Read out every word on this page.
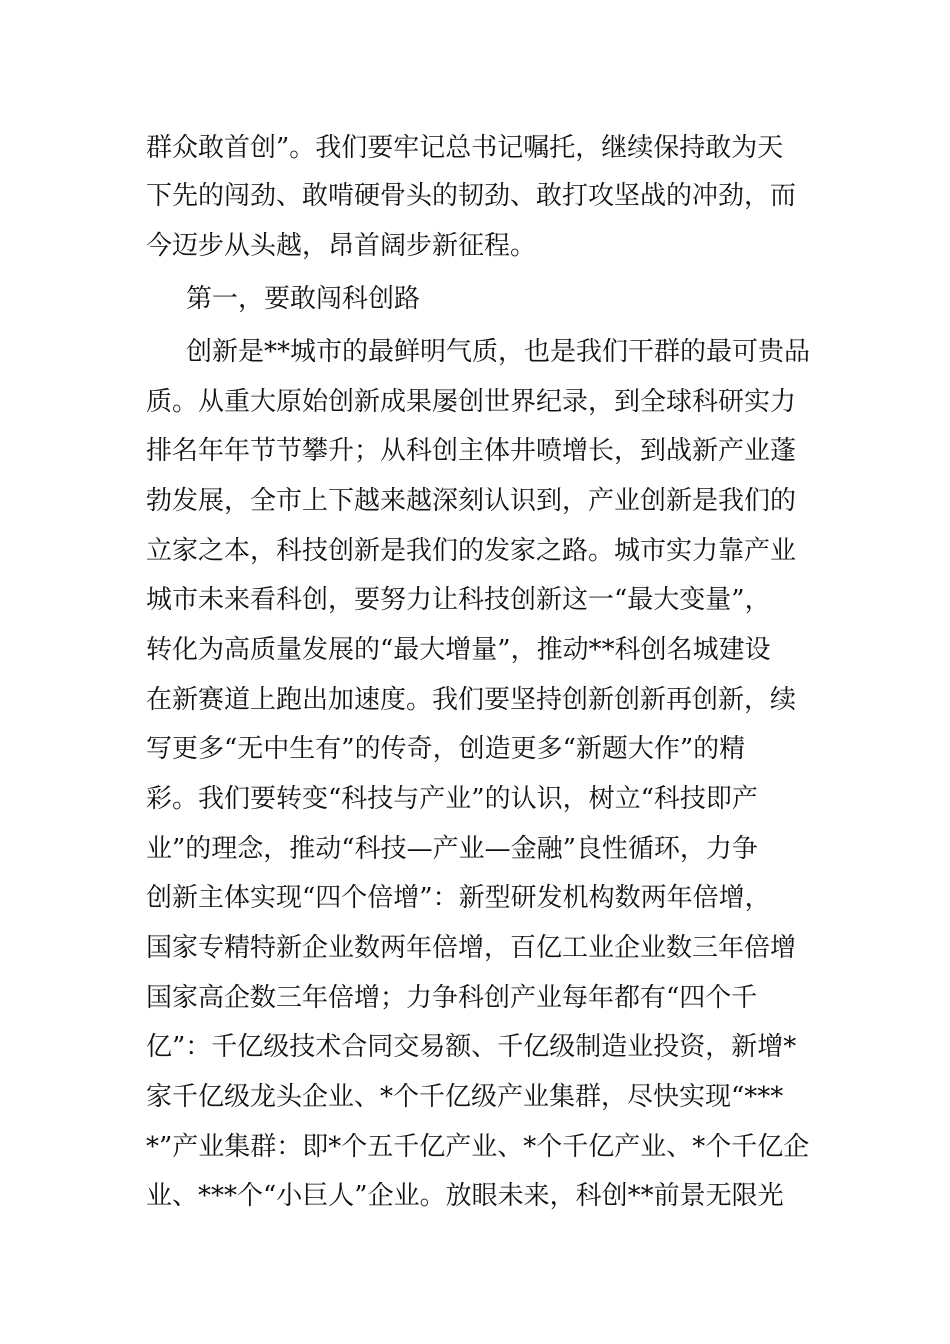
群众敢首创”。我们要牢记总书记嘱托，继续保持敢为天
下先的闯劲、敢啃硬骨头的韧劲、敢打攻坚战的冲劲，而
今迈步从头越，昂首阔步新征程。
第一，要敢闯科创路
创新是**城市的最鲜明气质，也是我们干群的最可贵品
质。从重大原始创新成果屡创世界纪录，到全球科研实力
排名年年节节攀升；从科创主体井喷增长，到战新产业蓬
勃发展，全市上下越来越深刻认识到，产业创新是我们的
立家之本，科技创新是我们的发家之路。城市实力靠产业
城市未来看科创，要努力让科技创新这一“最大变量”，
转化为高质量发展的“最大增量”，推动**科创名城建设
在新赛道上跑出加速度。我们要坚持创新创新再创新，续
写更多“无中生有”的传奇，创造更多“新题大作”的精
彩。我们要转变“科技与产业”的认识，树立“科技即产
业”的理念，推动“科技—产业—金融”良性循环，力争
创新主体实现“四个倍增”：新型研发机构数两年倍增，
国家专精特新企业数两年倍增，百亿工业企业数三年倍增
国家高企数三年倍增；力争科创产业每年都有“四个千
亿”：千亿级技术合同交易额、千亿级制造业投资，新增*
家千亿级龙头企业、*个千亿级产业集群，尽快实现“***
*”产业集群：即*个五千亿产业、*个千亿产业、*个千亿企
业、***个“小巨人”企业。放眼未来，科创**前景无限光
